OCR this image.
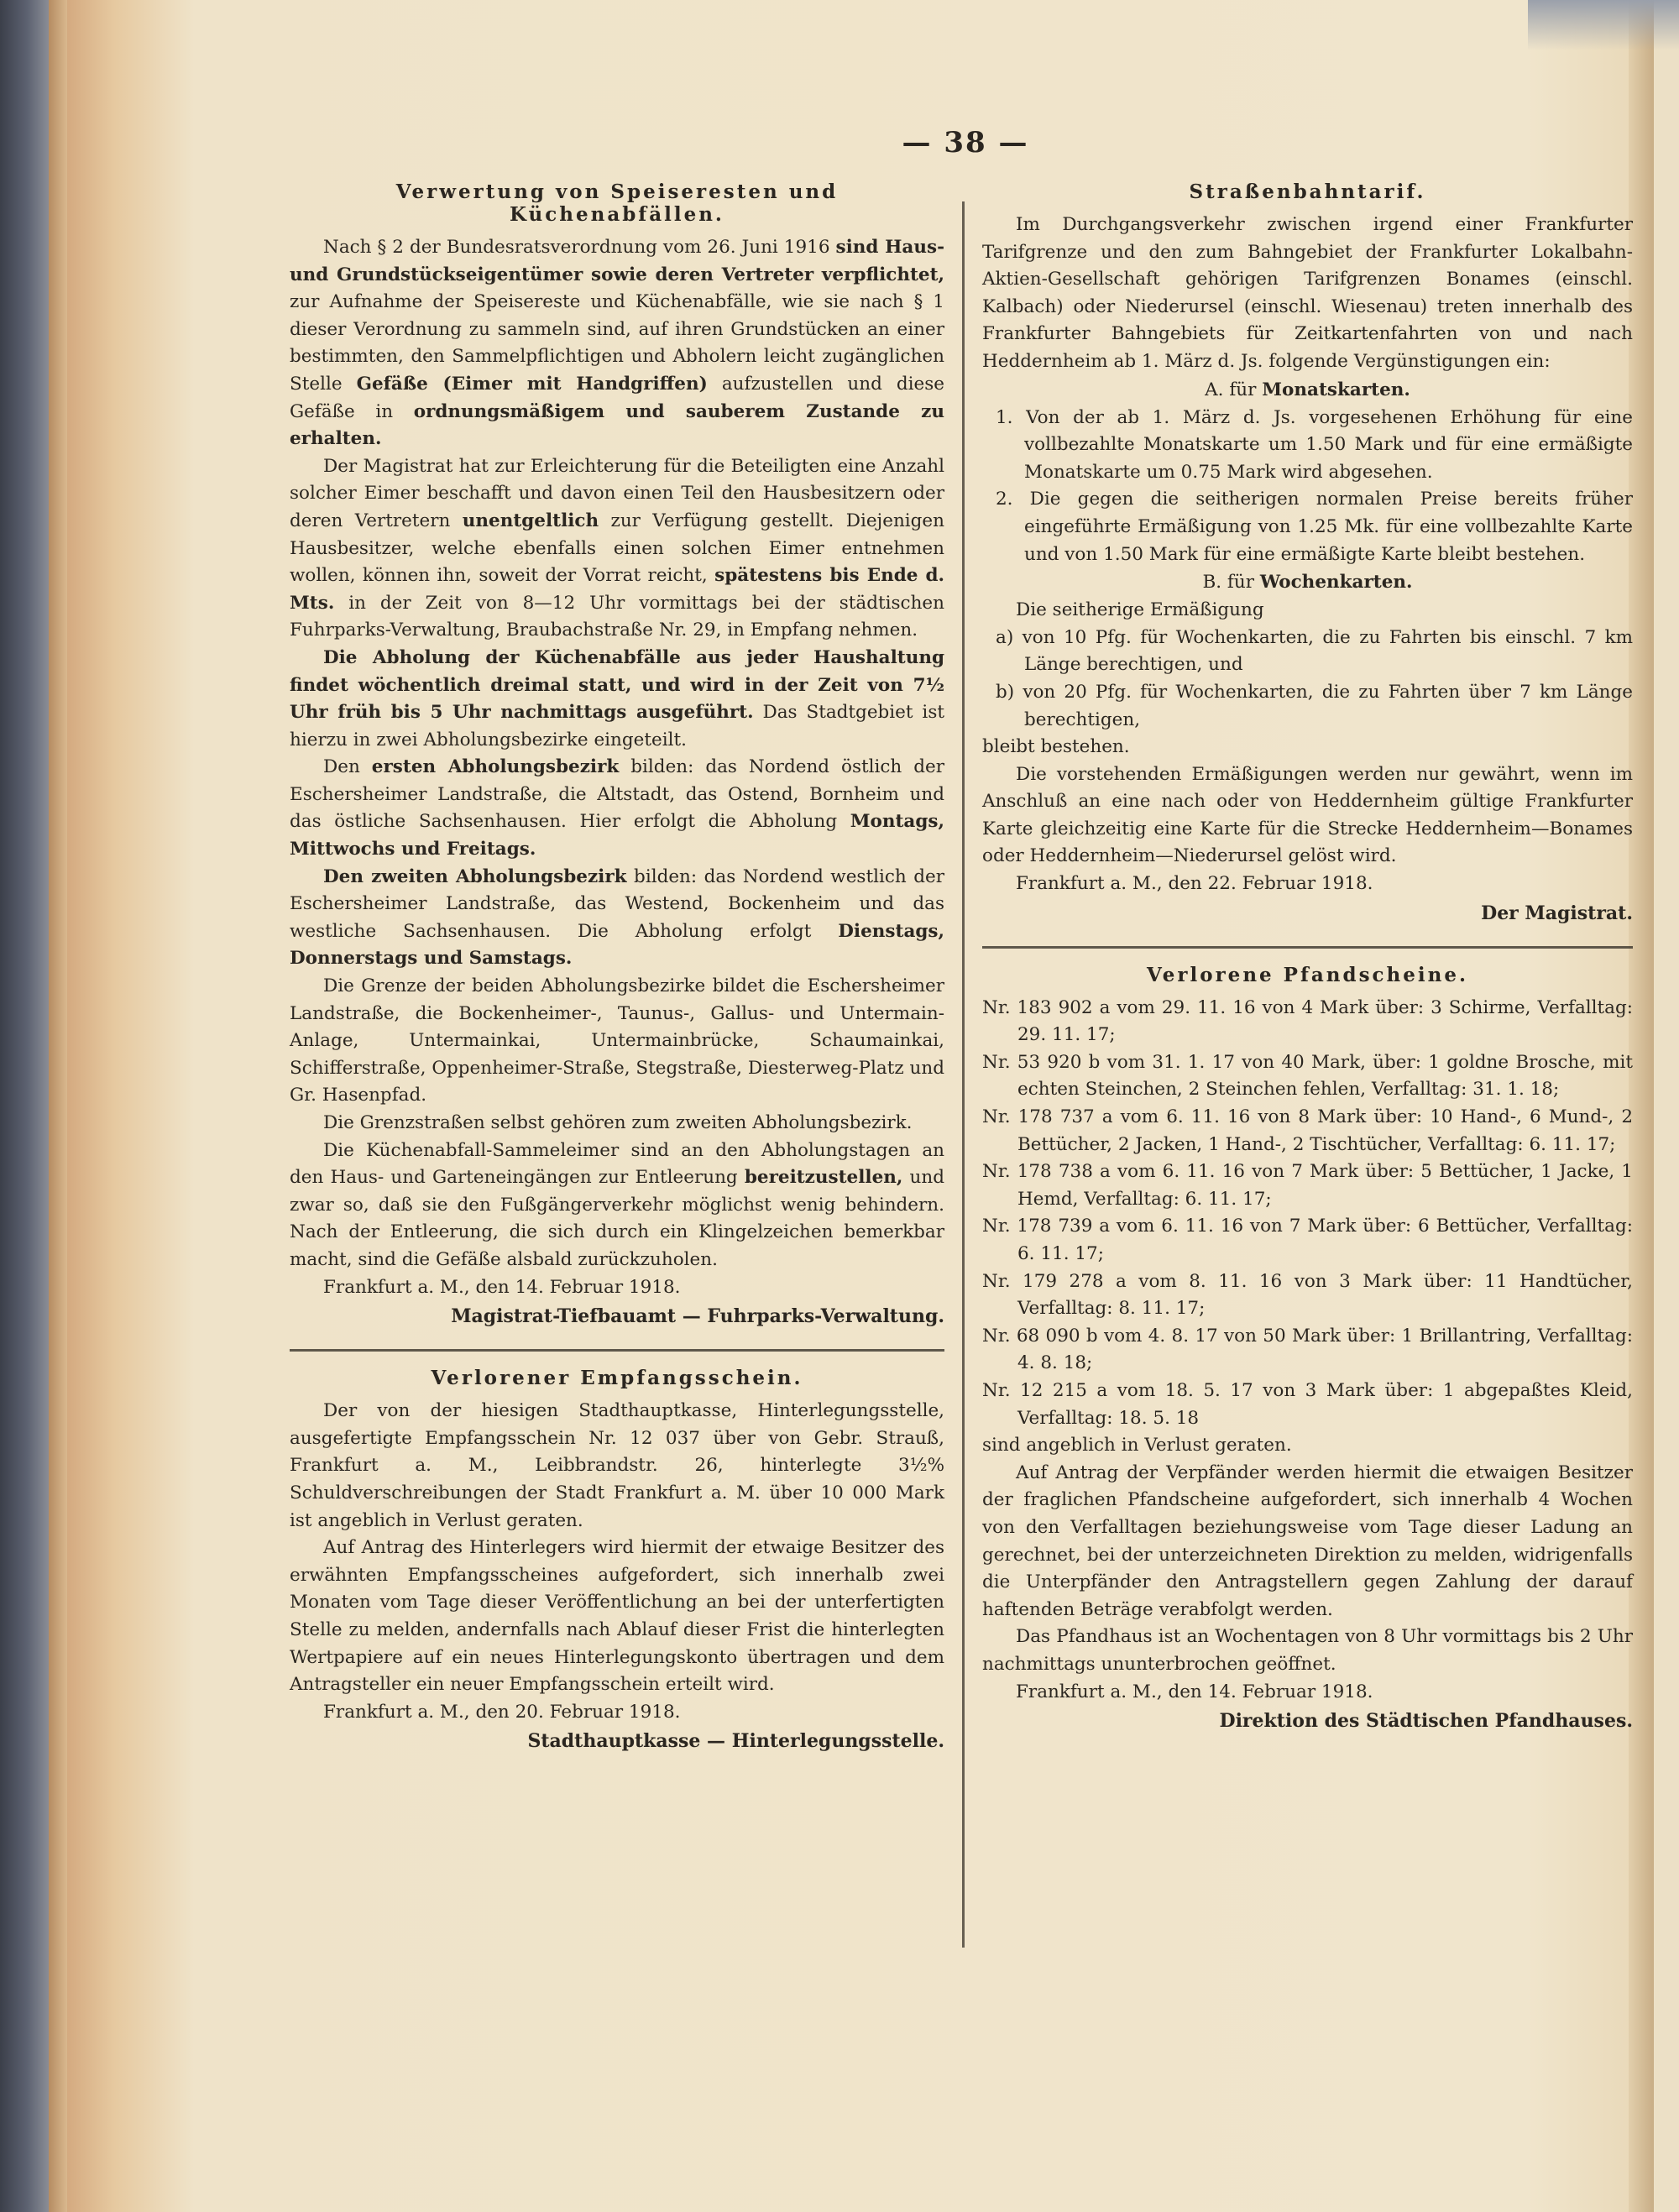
— 38 —
Verwertung von Speiseresten und Küchenabfällen.

Nach § 2 der Bundesratsverordnung vom 26. Juni 1916 sind Haus- und Grundstückseigentümer sowie deren Vertreter verpflichtet, zur Aufnahme der Speisereste und Küchenabfälle, wie sie nach § 1 dieser Verordnung zu sammeln sind, auf ihren Grundstücken an einer bestimmten, den Sammelpflichtigen und Abholern leicht zugänglichen Stelle Gefäße (Eimer mit Handgriffen) aufzustellen und diese Gefäße in ordnungsmäßigem und sauberem Zustande zu erhalten.

Der Magistrat hat zur Erleichterung für die Beteiligten eine Anzahl solcher Eimer beschafft und davon einen Teil den Hausbesitzern oder deren Vertretern unentgeltlich zur Verfügung gestellt. Diejenigen Hausbesitzer, welche ebenfalls einen solchen Eimer entnehmen wollen, können ihn, soweit der Vorrat reicht, spätestens bis Ende d. Mts. in der Zeit von 8—12 Uhr vormittags bei der städtischen Fuhrparks-Verwaltung, Braubachstraße Nr. 29, in Empfang nehmen.

Die Abholung der Küchenabfälle aus jeder Haushaltung findet wöchentlich dreimal statt, und wird in der Zeit von 7½ Uhr früh bis 5 Uhr nachmittags ausgeführt. Das Stadtgebiet ist hierzu in zwei Abholungsbezirke eingeteilt.

Den ersten Abholungsbezirk bilden: das Nordend östlich der Eschersheimer Landstraße, die Altstadt, das Ostend, Bornheim und das östliche Sachsenhausen. Hier erfolgt die Abholung Montags, Mittwochs und Freitags.

Den zweiten Abholungsbezirk bilden: das Nordend westlich der Eschersheimer Landstraße, das Westend, Bockenheim und das westliche Sachsenhausen. Die Abholung erfolgt Dienstags, Donnerstags und Samstags.

Die Grenze der beiden Abholungsbezirke bildet die Eschersheimer Landstraße, die Bockenheimer-, Taunus-, Gallus- und Untermain-Anlage, Untermainkai, Untermainbrücke, Schaumainkai, Schifferstraße, Oppenheimer-Straße, Stegstraße, Diesterweg-Platz und Gr. Hasenpfad.

Die Grenzstraßen selbst gehören zum zweiten Abholungsbezirk.

Die Küchenabfall-Sammeleimer sind an den Abholungstagen an den Haus- und Garteneingängen zur Entleerung bereitzustellen, und zwar so, daß sie den Fußgängerverkehr möglichst wenig behindern. Nach der Entleerung, die sich durch ein Klingelzeichen bemerkbar macht, sind die Gefäße alsbald zurückzuholen.

Frankfurt a. M., den 14. Februar 1918.

Magistrat-Tiefbauamt — Fuhrparks-Verwaltung.

Verlorener Empfangsschein.

Der von der hiesigen Stadthauptkasse, Hinterlegungsstelle, ausgefertigte Empfangsschein Nr. 12 037 über von Gebr. Strauß, Frankfurt a. M., Leibbrandstr. 26, hinterlegte 3½% Schuldverschreibungen der Stadt Frankfurt a. M. über 10 000 Mark ist angeblich in Verlust geraten.

Auf Antrag des Hinterlegers wird hiermit der etwaige Besitzer des erwähnten Empfangsscheines aufgefordert, sich innerhalb zwei Monaten vom Tage dieser Veröffentlichung an bei der unterfertigten Stelle zu melden, andernfalls nach Ablauf dieser Frist die hinterlegten Wertpapiere auf ein neues Hinterlegungskonto übertragen und dem Antragsteller ein neuer Empfangsschein erteilt wird.

Frankfurt a. M., den 20. Februar 1918.

Stadthauptkasse — Hinterlegungsstelle.

Straßenbahntarif.

Im Durchgangsverkehr zwischen irgend einer Frankfurter Tarifgrenze und den zum Bahngebiet der Frankfurter Lokalbahn-Aktien-Gesellschaft gehörigen Tarifgrenzen Bonames (einschl. Kalbach) oder Niederursel (einschl. Wiesenau) treten innerhalb des Frankfurter Bahngebiets für Zeitkartenfahrten von und nach Heddernheim ab 1. März d. Js. folgende Vergünstigungen ein:

A. für Monatskarten.

1. Von der ab 1. März d. Js. vorgesehenen Erhöhung für eine vollbezahlte Monatskarte um 1.50 Mark und für eine ermäßigte Monatskarte um 0.75 Mark wird abgesehen.

2. Die gegen die seitherigen normalen Preise bereits früher eingeführte Ermäßigung von 1.25 Mk. für eine vollbezahlte Karte und von 1.50 Mark für eine ermäßigte Karte bleibt bestehen.

B. für Wochenkarten.

Die seitherige Ermäßigung

a) von 10 Pfg. für Wochenkarten, die zu Fahrten bis einschl. 7 km Länge berechtigen, und

b) von 20 Pfg. für Wochenkarten, die zu Fahrten über 7 km Länge berechtigen,

bleibt bestehen.

Die vorstehenden Ermäßigungen werden nur gewährt, wenn im Anschluß an eine nach oder von Heddernheim gültige Frankfurter Karte gleichzeitig eine Karte für die Strecke Heddernheim—Bonames oder Heddernheim—Niederursel gelöst wird.

Frankfurt a. M., den 22. Februar 1918.

Der Magistrat.

Verlorene Pfandscheine.

Nr. 183 902 a vom 29. 11. 16 von 4 Mark über: 3 Schirme, Verfalltag: 29. 11. 17;

Nr. 53 920 b vom 31. 1. 17 von 40 Mark, über: 1 goldne Brosche, mit echten Steinchen, 2 Steinchen fehlen, Verfalltag: 31. 1. 18;

Nr. 178 737 a vom 6. 11. 16 von 8 Mark über: 10 Hand-, 6 Mund-, 2 Bettücher, 2 Jacken, 1 Hand-, 2 Tischtücher, Verfalltag: 6. 11. 17;

Nr. 178 738 a vom 6. 11. 16 von 7 Mark über: 5 Bettücher, 1 Jacke, 1 Hemd, Verfalltag: 6. 11. 17;

Nr. 178 739 a vom 6. 11. 16 von 7 Mark über: 6 Bettücher, Verfalltag: 6. 11. 17;

Nr. 179 278 a vom 8. 11. 16 von 3 Mark über: 11 Handtücher, Verfalltag: 8. 11. 17;

Nr. 68 090 b vom 4. 8. 17 von 50 Mark über: 1 Brillantring, Verfalltag: 4. 8. 18;

Nr. 12 215 a vom 18. 5. 17 von 3 Mark über: 1 abgepaßtes Kleid, Verfalltag: 18. 5. 18

sind angeblich in Verlust geraten.

Auf Antrag der Verpfänder werden hiermit die etwaigen Besitzer der fraglichen Pfandscheine aufgefordert, sich innerhalb 4 Wochen von den Verfalltagen beziehungsweise vom Tage dieser Ladung an gerechnet, bei der unterzeichneten Direktion zu melden, widrigenfalls die Unterpfänder den Antragstellern gegen Zahlung der darauf haftenden Beträge verabfolgt werden.

Das Pfandhaus ist an Wochentagen von 8 Uhr vormittags bis 2 Uhr nachmittags ununterbrochen geöffnet.

Frankfurt a. M., den 14. Februar 1918.

Direktion des Städtischen Pfandhauses.
